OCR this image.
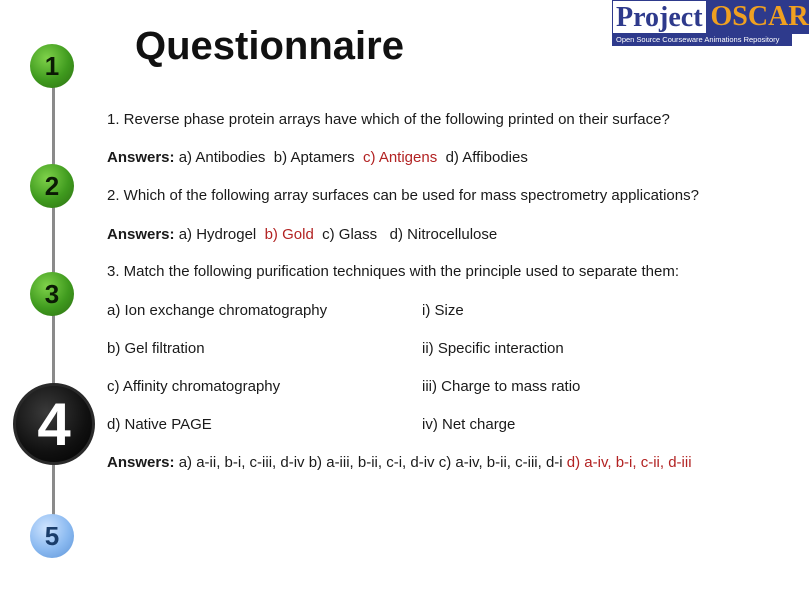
1
2
3
4
5
Questionnaire
Project OSCAR
Open Source Courseware Animations Repository

1. Reverse phase protein arrays have which of the following printed on their surface?

Answers: a) Antibodies b) Aptamers c) Antigens d) Affibodies

2. Which of the following array surfaces can be used for mass spectrometry applications?

Answers: a) Hydrogel b) Gold c) Glass d) Nitrocellulose

3. Match the following purification techniques with the principle used to separate them:

a) Ion exchange chromatography	i) Size
b) Gel filtration	ii) Specific interaction
c) Affinity chromatography	iii) Charge to mass ratio
d) Native PAGE	iv) Net charge

Answers: a) a-ii, b-i, c-iii, d-iv b) a-iii, b-ii, c-i, d-iv c) a-iv, b-ii, c-iii, d-i d) a-iv, b-i, c-ii, d-iii
